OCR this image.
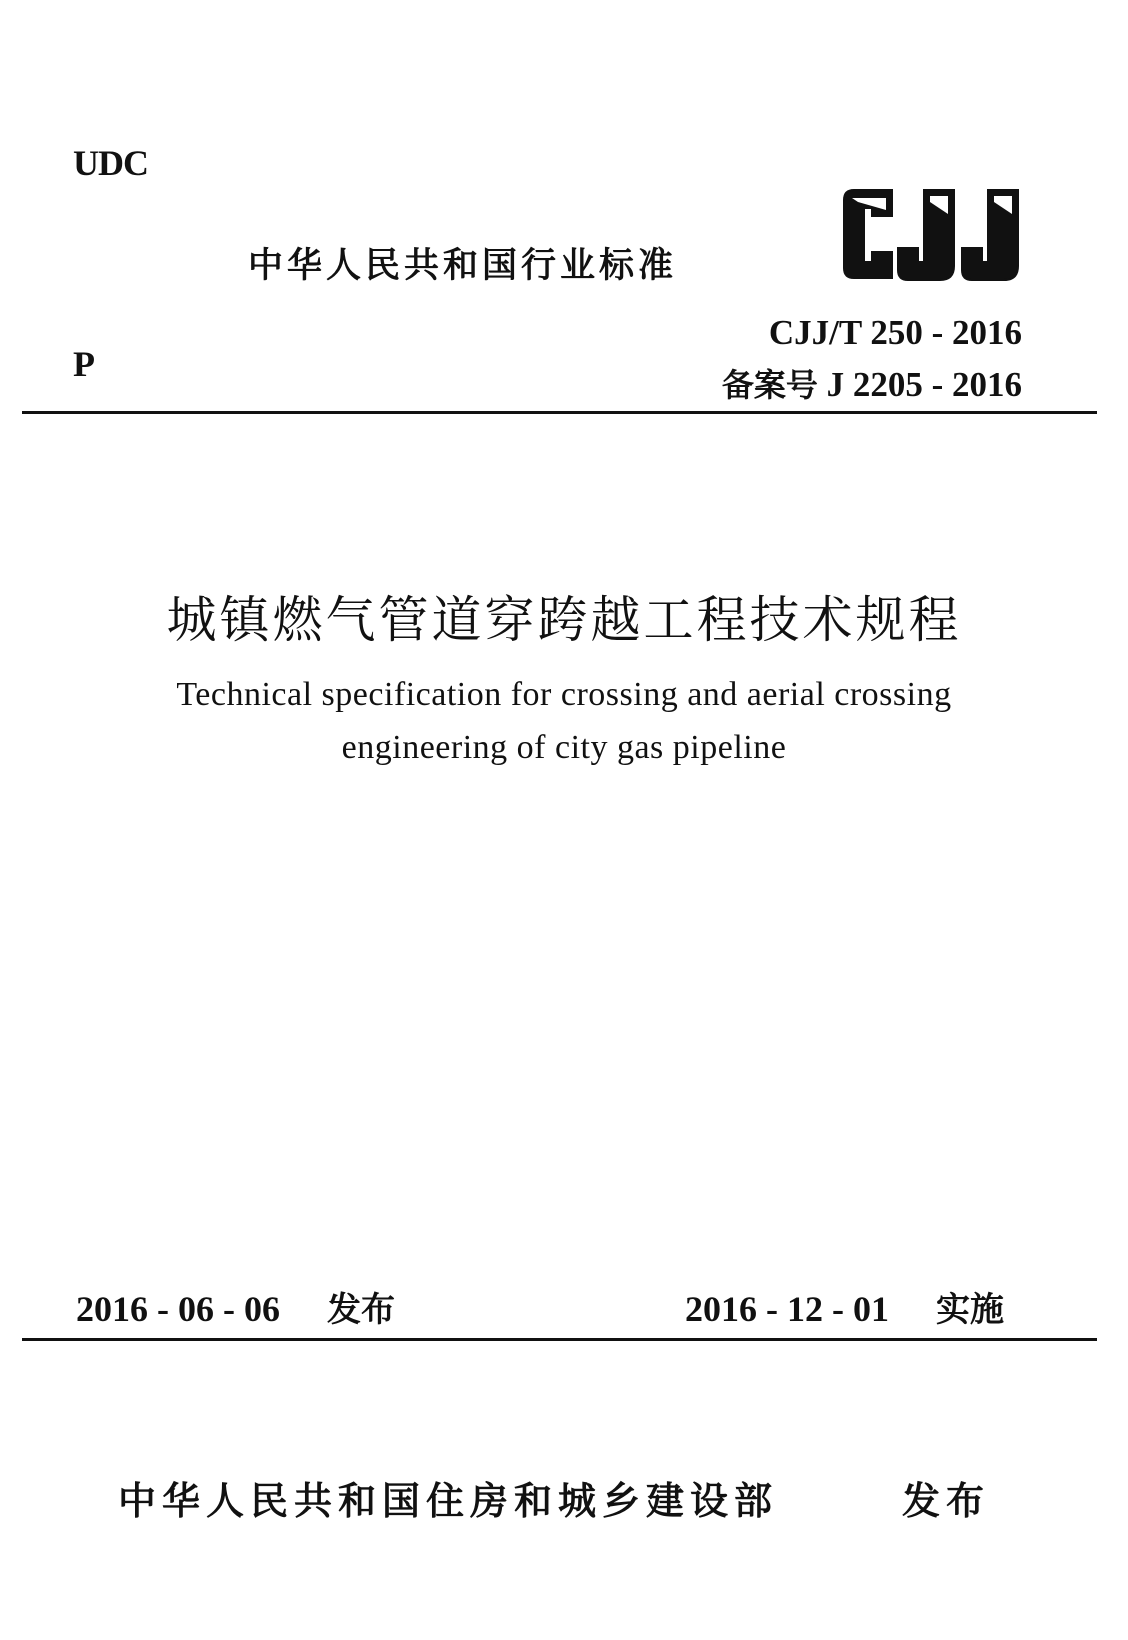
UDC
中华人民共和国行业标准
CJJ/T 250 - 2016
P
备案号 J 2205 - 2016
城镇燃气管道穿跨越工程技术规程
Technical specification for crossing and aerial crossing
engineering of city gas pipeline
2016 - 06 - 06 发布	2016 - 12 - 01 实施
中华人民共和国住房和城乡建设部	发布
